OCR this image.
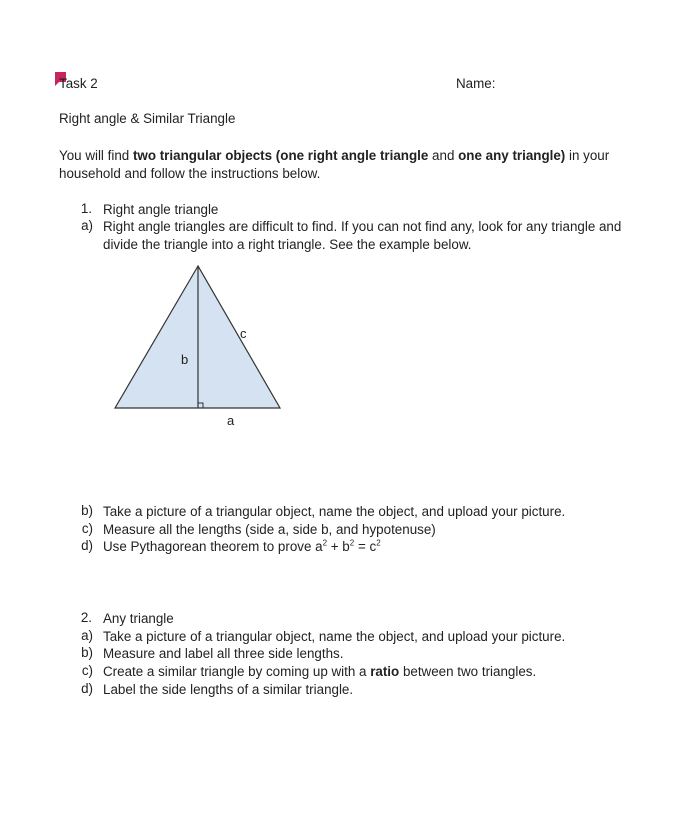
Task 2	Name:
Right angle & Similar Triangle
You will find two triangular objects (one right angle triangle and one any triangle) in your household and follow the instructions below.
1. Right angle triangle
a) Right angle triangles are difficult to find. If you can not find any, look for any triangle and divide the triangle into a right triangle. See the example below.
b
c
a
b) Take a picture of a triangular object, name the object, and upload your picture.
c) Measure all the lengths (side a, side b, and hypotenuse)
d) Use Pythagorean theorem to prove $a^2 + b^2 = c^2$
2. Any triangle
a) Take a picture of a triangular object, name the object, and upload your picture.
b) Measure and label all three side lengths.
c) Create a similar triangle by coming up with a ratio between two triangles.
d) Label the side lengths of a similar triangle.
